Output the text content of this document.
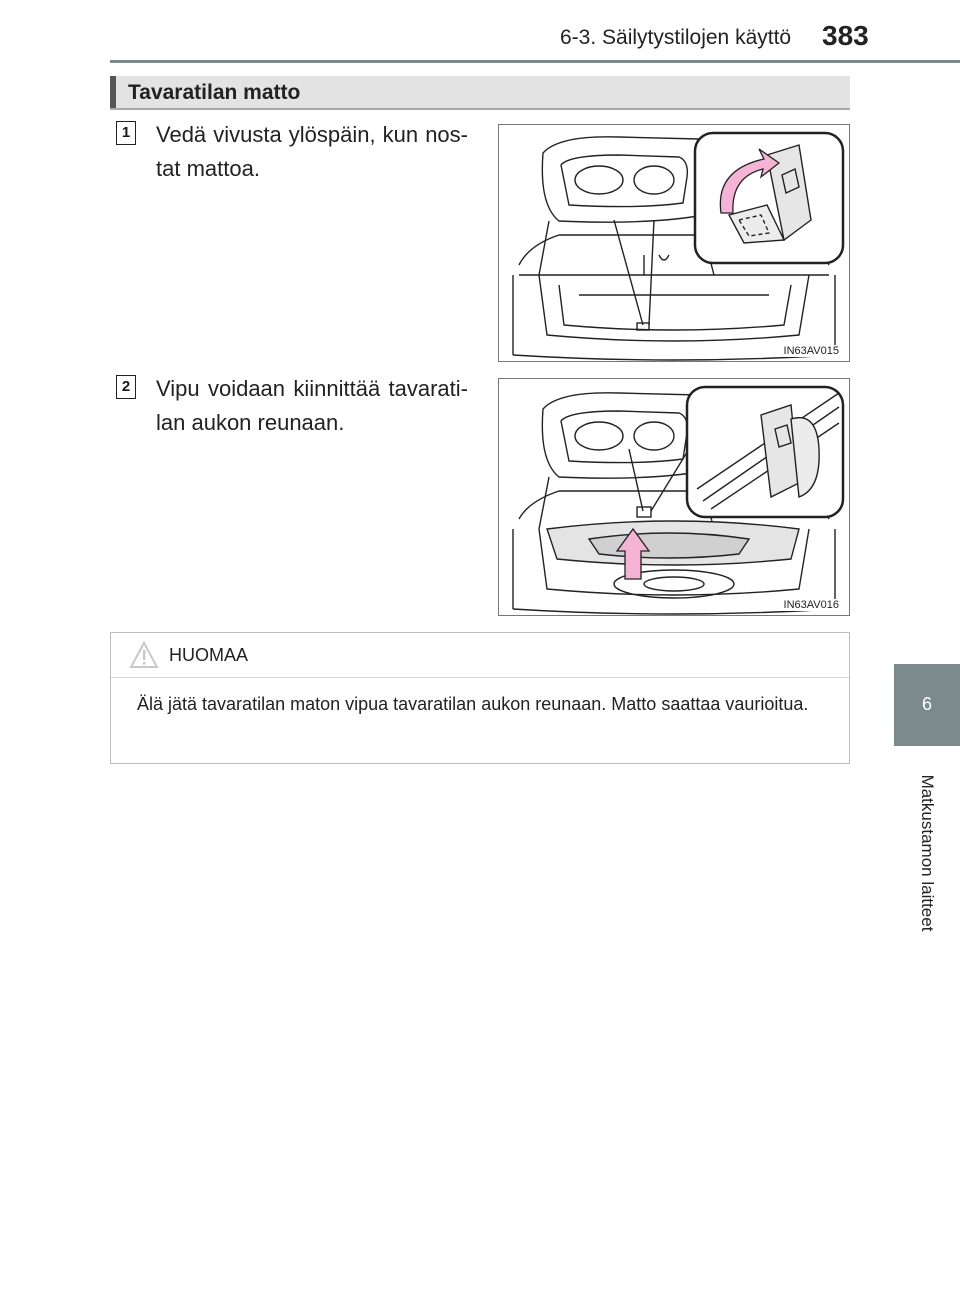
6-3. Säilytystilojen käyttö 383
Tavaratilan matto
1 Vedä vivusta ylöspäin, kun nos-tat mattoa.
IN63AV015
2 Vipu voidaan kiinnittää tavarati-lan aukon reunaan.
IN63AV016
HUOMAA
Älä jätä tavaratilan maton vipua tavaratilan aukon reunaan. Matto saattaa vaurioitua.	6
Matkustamon laitteet
